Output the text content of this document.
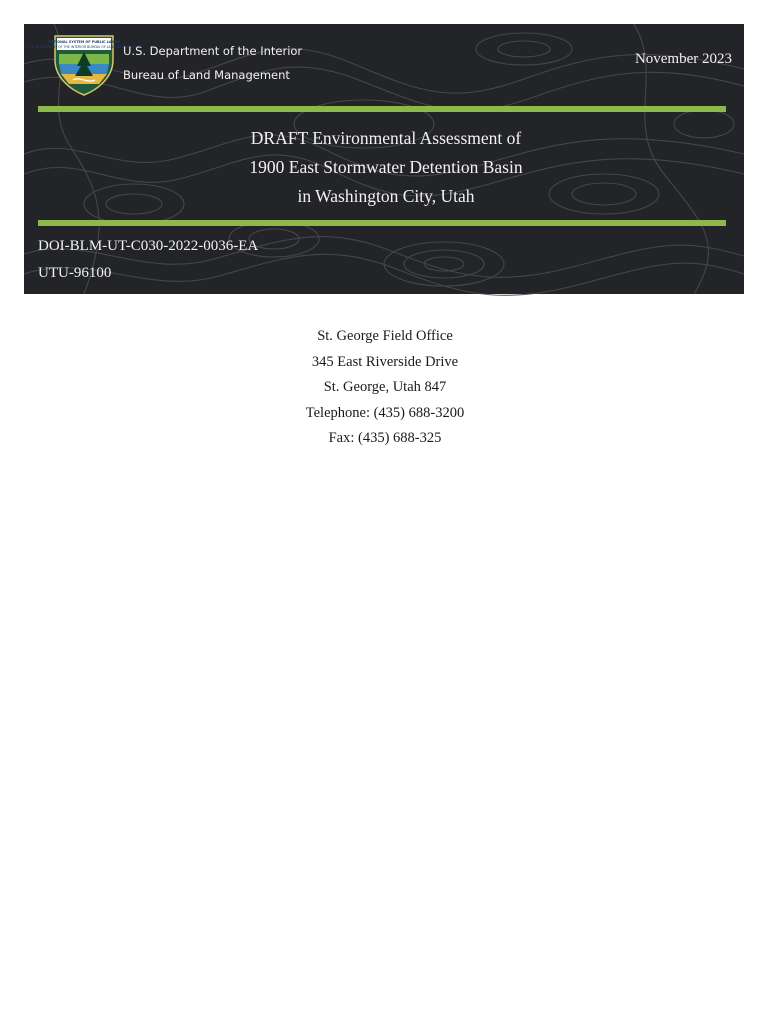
NATIONAL SYSTEM OF PUBLIC LANDS
U.S. DEPARTMENT OF THE INTERIOR BUREAU OF LAND MANAGEMENT
U.S. Department of the Interior
Bureau of Land Management
November 2023
DRAFT Environmental Assessment of
1900 East Stormwater Detention Basin
in Washington City, Utah
DOI-BLM-UT-C030-2022-0036-EA
UTU-96100
St. George Field Office
345 East Riverside Drive
St. George, Utah 847
Telephone: (435) 688-3200
Fax: (435) 688-325
